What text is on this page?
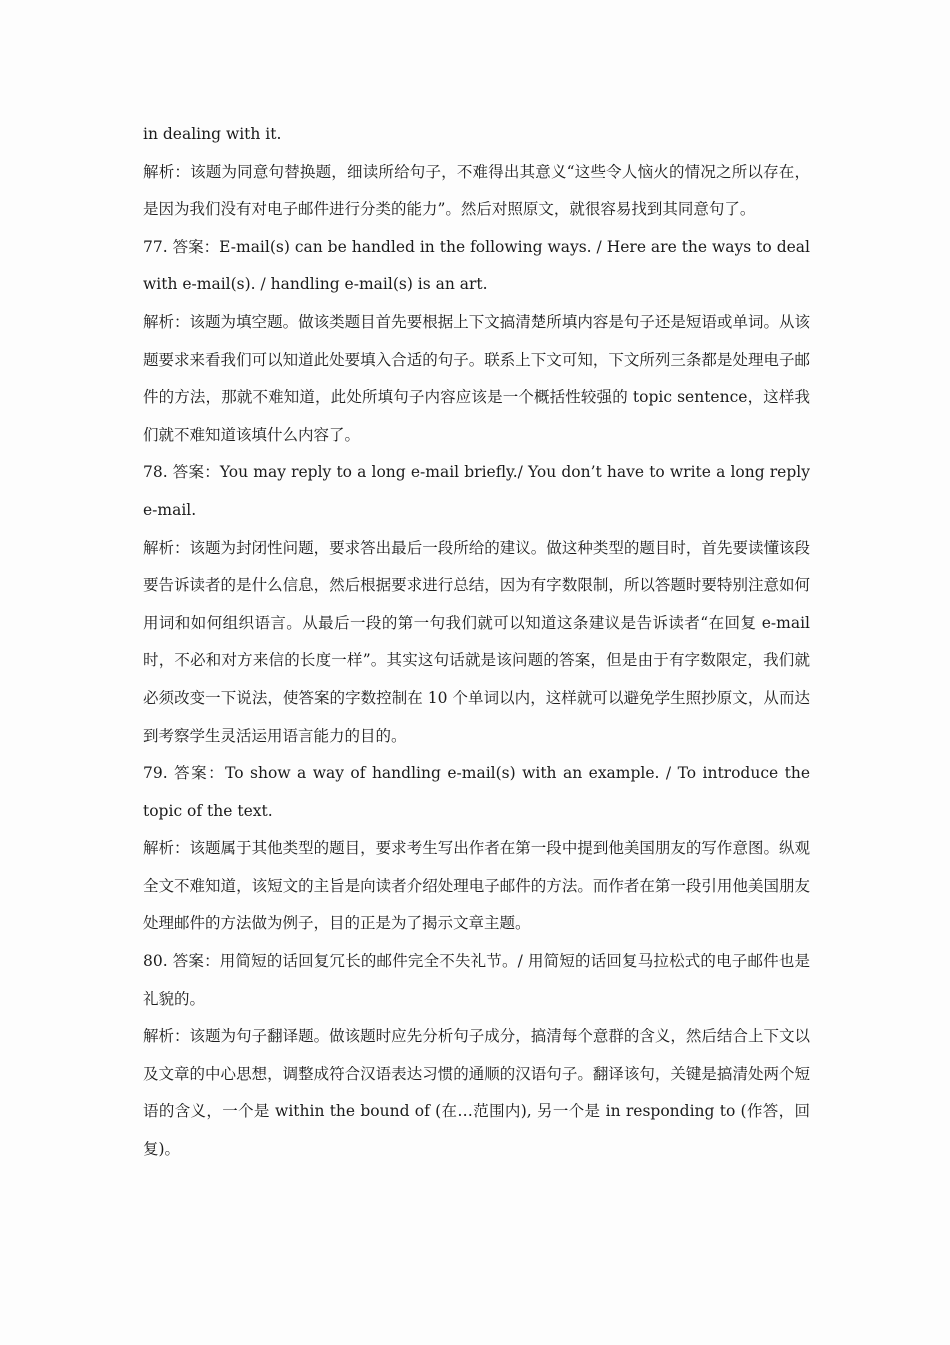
in dealing with it.

解析：该题为同意句替换题，细读所给句子，不难得出其意义“这些令人恼火的情况之所以存在，是因为我们没有对电子邮件进行分类的能力”。然后对照原文，就很容易找到其同意句了。

77. 答案：E-mail(s) can be handled in the following ways. / Here are the ways to deal with e-mail(s). / handling e-mail(s) is an art.

解析：该题为填空题。做该类题目首先要根据上下文搞清楚所填内容是句子还是短语或单词。从该题要求来看我们可以知道此处要填入合适的句子。联系上下文可知，下文所列三条都是处理电子邮件的方法，那就不难知道，此处所填句子内容应该是一个概括性较强的 topic sentence，这样我们就不难知道该填什么内容了。

78. 答案：You may reply to a long e-mail briefly./ You don’t have to write a long reply e-mail.

解析：该题为封闭性问题，要求答出最后一段所给的建议。做这种类型的题目时，首先要读懂该段要告诉读者的是什么信息，然后根据要求进行总结，因为有字数限制，所以答题时要特别注意如何用词和如何组织语言。从最后一段的第一句我们就可以知道这条建议是告诉读者“在回复 e-mail 时，不必和对方来信的长度一样”。其实这句话就是该问题的答案，但是由于有字数限定，我们就必须改变一下说法，使答案的字数控制在 10 个单词以内，这样就可以避免学生照抄原文，从而达到考察学生灵活运用语言能力的目的。

79. 答案：To show a way of handling e-mail(s) with an example. / To introduce the topic of the text.

解析：该题属于其他类型的题目，要求考生写出作者在第一段中提到他美国朋友的写作意图。纵观全文不难知道，该短文的主旨是向读者介绍处理电子邮件的方法。而作者在第一段引用他美国朋友处理邮件的方法做为例子，目的正是为了揭示文章主题。

80. 答案：用简短的话回复冗长的邮件完全不失礼节。/ 用简短的话回复马拉松式的电子邮件也是礼貌的。

解析：该题为句子翻译题。做该题时应先分析句子成分，搞清每个意群的含义，然后结合上下文以及文章的中心思想，调整成符合汉语表达习惯的通顺的汉语句子。翻译该句，关键是搞清处两个短语的含义，一个是 within the bound of (在…范围内), 另一个是 in responding to (作答，回复)。
